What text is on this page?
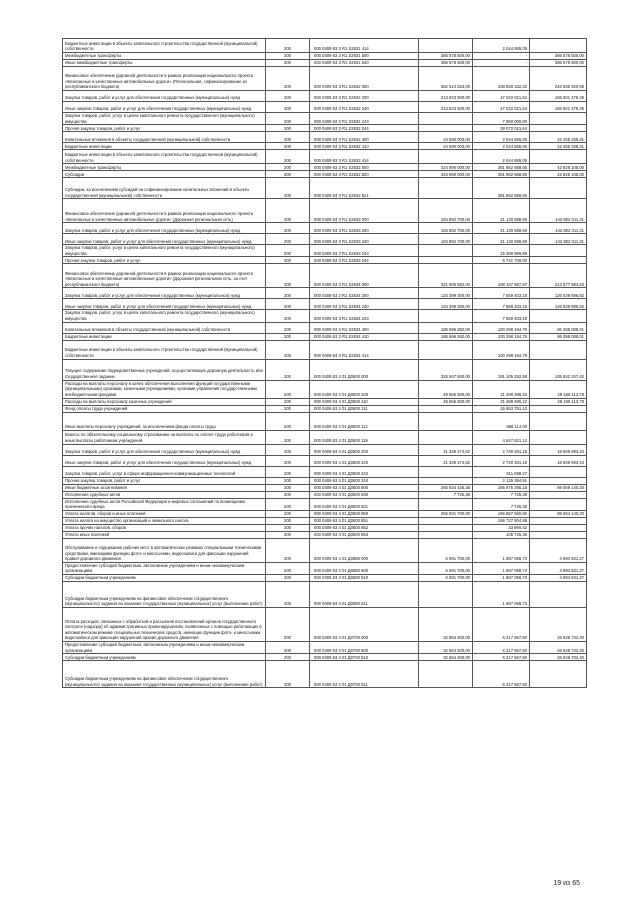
Бюджетные инвестиции в объекты капитального строительства государственной (муниципальной) собственности	200	000 0409 63 3 R1 S2631 414		2 044 665,05	
Межбюджетные трансферты	200	000 0409 63 3 R1 S2631 500	386 578 500,00	-	386 578 500,00
Иные межбюджетные трансферты	200	000 0409 63 3 R1 S2631 540	386 578 500,00	-	386 578 500,00
Финансовое обеспечение дорожной деятельности в рамках реализации национального проекта «Безопасные и качественные автомобильные дороги» (Региональная, софинансирование из республиканского бюджета)	200	000 0409 63 3 R1 S2632 000	682 514 253,00	438 828 332,32	243 685 920,68
Закупка товаров, работ и услуг для обеспечения государственных (муниципальных) нужд	200	000 0409 63 3 R1 S2632 200	213 623 500,00	47 022 021,64	166 601 478,36
Иные закупки товаров, работ и услуг для обеспечения государственных (муниципальных) нужд	200	000 0409 63 3 R1 S2632 240	213 623 500,00	47 022 021,64	166 601 478,36
Закупка товаров, работ, услуг в целях капитального ремонта государственного (муниципального) имущества	200	000 0409 63 3 R1 S2632 243		7 950 000,00	
Прочая закупка товаров, работ и услуг	200	000 0409 63 3 R1 S2632 244		39 072 021,64	
Капитальные вложения в объекты государственной (муниципальной) собственности	200	000 0409 63 3 R1 S2632 400	24 590 003,00	2 044 665,05	22 455 338,31
Бюджетные инвестиции	200	000 0409 63 3 R1 S2632 410	24 590 003,00	2 044 665,05	22 455 338,31
Бюджетные инвестиции в объекты капитального строительства государственной (муниципальной) собственности	200	000 0409 63 3 R1 S2632 414		2 044 665,05	
Межбюджетные трансферты	200	000 0409 63 3 R1 S2632 500	424 890 000,00	381 862 658,65	42 828 105,00
Субсидии	200	000 0409 63 3 R1 S2632 520	424 890 000,00	381 862 658,65	42 828 105,00
Субсидии, за исключением субсидий на софинансирование капитальных вложений в объекты государственной (муниципальной) собственности	200	000 0409 63 3 R1 S2632 521		381 862 658,65	
Финансовое обеспечение дорожной деятельности в рамках реализации национального проекта «Безопасные и качественные автомобильные дороги» (Дорожная региональная сеть)	200	000 0409 63 3 R1 S2633 000	163 892 700,00	21 130 688,69	142 802 011,31
Закупка товаров, работ и услуг для обеспечения государственных (муниципальных) нужд	200	000 0409 63 3 R1 S2633 200	163 892 700,00	21 130 688,69	142 802 011,31
Иные закупки товаров, работ и услуг для обеспечения государственных (муниципальных) нужд	200	000 0409 63 3 R1 S2633 240	163 892 700,00	21 130 688,69	142 802 011,31
Закупка товаров, работ, услуг в целях капитального ремонта государственного (муниципального) имущества	200	000 0409 63 3 R1 S2633 243		15 388 969,89	
Прочая закупка товаров, работ и услуг	200	000 0409 63 3 R1 S2633 244		5 741 709,00	
Финансовое обеспечение дорожной деятельности в рамках реализации национального проекта «Безопасные и качественные автомобильные дороги» (Дорожная региональная сеть, за счет республиканского бюджета)	200	000 0409 63 3 R1 S2634 000	321 695 582,00	108 157 867,87	213 577 684,63
Закупка товаров, работ и услуг для обеспечения государственных (муниципальных) нужд	200	000 0409 63 3 R1 S2634 200	134 399 300,00	7 859 403,18	126 539 896,82
Иные закупки товаров, работ и услуг для обеспечения государственных (муниципальных) нужд	200	000 0409 63 3 R1 S2634 240	134 399 300,00	7 859 403,18	126 539 896,82
Закупка товаров, работ, услуг в целях капитального ремонта государственного (муниципального) имущества	200	000 0409 63 3 R1 S2634 243		7 859 403,18	
Капитальные вложения в объекты государственной (муниципальной) собственности	200	000 0409 63 3 R1 S2634 400	186 696 282,00	100 298 194,79	86 398 088,01
Бюджетные инвестиции	200	000 0409 63 3 R1 S2634 410	186 696 282,00	100 298 194,79	86 398 088,01
Бюджетные инвестиции в объекты капитального строительства государственной (муниципальной) собственности	200	000 0409 63 3 R1 S2634 414		100 298 194,79	
Текущее содержание подведомственных учреждений, осуществляющих дорожную деятельность или государственное задание	200	000 0409 63 4 01 Д0500 000	326 947 500,00	191 105 252,58	135 842 247,42
Расходы на выплаты персоналу в целях обеспечения выполнения функций государственными (муниципальными) органами, казенными учреждениями, органами управления государственными внебюджетными фондами	200	000 0409 63 4 01 Д0500 100	49 655 600,00	21 489 486,22	28 166 113,78
Расходы на выплаты персоналу казенных учреждений	200	000 0409 63 4 01 Д0500 110	49 655 600,00	21 489 486,22	28 166 113,78
Фонд оплаты труда учреждений	200	000 0409 63 4 01 Д0500 111		15 953 751,13	
Иные выплаты персоналу учреждений, за исключением фонда оплаты труда	200	000 0409 63 4 01 Д0500 112		888 114,00	
Взносы по обязательному социальному страхованию на выплаты по оплате труда работников и иные выплаты работникам учреждений	200	000 0409 63 4 01 Д0500 119		4 647 621,12	
Закупка товаров, работ и услуг для обеспечения государственных (муниципальных) нужд	200	000 0409 63 4 01 Д0500 200	21 349 474,62	2 740 481,18	18 608 993,44
Иные закупки товаров, работ и услуг для обеспечения государственных (муниципальных) нужд	200	000 0409 63 4 01 Д0500 240	21 349 474,62	2 740 481,18	18 608 993,44
Закупка товаров, работ, услуг в сфере информационно-коммуникационных технологий	200	000 0409 63 4 01 Д0500 242		611 088,27	
Прочая закупка товаров, работ и услуг	200	000 0409 63 4 01 Д0500 244		2 129 394,91	
Иные бюджетные ассигнования	200	000 0409 63 4 01 Д0500 800	255 934 425,38	166 875 285,18	89 059 140,20
Исполнение судебных актов	200	000 0409 63 4 01 Д0500 830	7 725,38	7 725,38	-
Исполнение судебных актов Российской Федерации и мировых соглашений по возмещению причиненного вреда	200	000 0409 63 4 01 Д0500 831		7 725,38	
Уплата налогов, сборов и иных платежей	200	000 0409 63 4 01 Д0500 850	255 931 700,00	166 867 560,80	89 064 140,20
Уплата налога на имущество организаций и земельного налога	200	000 0409 63 4 01 Д0500 851		166 727 804,88	
Уплата прочих налогов, сборов	200	000 0409 63 4 01 Д0500 852		33 960,42	
Уплата иных платежей	200	000 0409 63 4 01 Д0500 853		105 725,36	
Обслуживание и содержание рабочих мест в автоматических режимах специальными техническими средствами, имеющими функции фото- и киносъемки, видеозаписи для фиксации нарушений правил дорожного движения	200	000 0409 63 4 01 Д0580 000	6 691 700,00	1 687 068,73	4 994 631,27
Предоставление субсидий бюджетным, автономным учреждениям и иным некоммерческим организациям	200	000 0409 63 4 01 Д0580 600	6 691 700,00	1 687 068,73	4 994 631,27
Субсидии бюджетным учреждениям	200	000 0409 63 4 01 Д0580 610	6 691 700,00	1 687 068,73	4 994 631,27
Субсидии бюджетным учреждениям на финансовое обеспечение государственного (муниципального) задания на оказание государственных (муниципальных) услуг (выполнение работ)	200	000 0409 63 4 01 Д0580 611		1 687 068,73	
Оплата расходов, связанных с обработкой и рассылкой постановлений органов государственного контроля (надзора) об административных правонарушениях, выявленных с помощью работающих в автоматическом режиме специальных технических средств, имеющих функции фото- и киносъемки, видеозаписи для фиксации нарушений правил дорожного движения	200	000 0409 63 4 01 Д0700 000	32 864 400,00	6 317 667,60	26 546 732,40
Предоставление субсидий бюджетным, автономным учреждениям и иным некоммерческим организациям	200	000 0409 63 4 01 Д0700 600	32 864 400,00	6 317 667,60	26 546 732,40
Субсидии бюджетным учреждениям	200	000 0409 63 4 01 Д0700 610	32 864 400,00	6 317 667,60	26 546 732,40
Субсидии бюджетным учреждениям на финансовое обеспечение государственного (муниципального) задания на оказание государственных (муниципальных) услуг (выполнение работ)	200	000 0409 63 4 01 Д0700 611		6 317 667,60	
19 из 65
